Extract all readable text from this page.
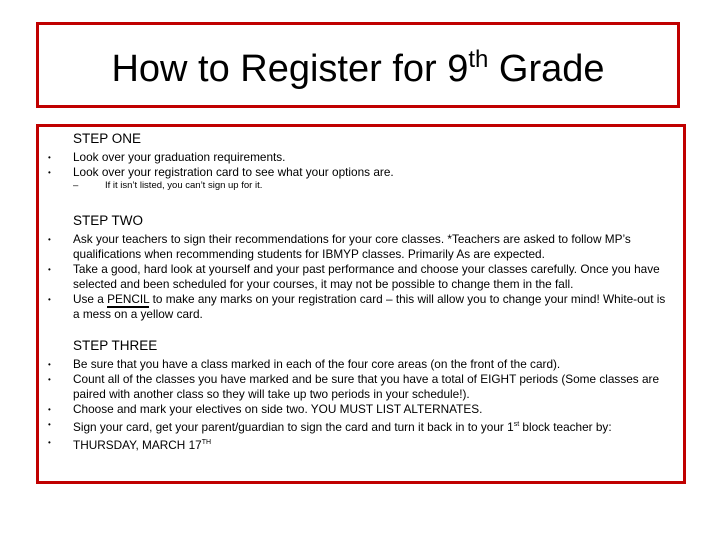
How to Register for 9th Grade
STEP ONE
• Look over your graduation requirements.
• Look over your registration card to see what your options are.
–	If it isn’t listed, you can’t sign up for it.
STEP TWO
• Ask your teachers to sign their recommendations for your core classes. *Teachers are asked to follow MP’s qualifications when recommending students for IBMYP classes. Primarily As are expected.
• Take a good, hard look at yourself and your past performance and choose your classes carefully. Once you have selected and been scheduled for your courses, it may not be possible to change them in the fall.
• Use a PENCIL to make any marks on your registration card – this will allow you to change your mind! White-out is a mess on a yellow card.
STEP THREE
• Be sure that you have a class marked in each of the four core areas (on the front of the card).
• Count all of the classes you have marked and be sure that you have a total of EIGHT periods (Some classes are paired with another class so they will take up two periods in your schedule!).
• Choose and mark your electives on side two. YOU MUST LIST ALTERNATES.
• Sign your card, get your parent/guardian to sign the card and turn it back in to your 1st block teacher by:
• THURSDAY, MARCH 17TH
